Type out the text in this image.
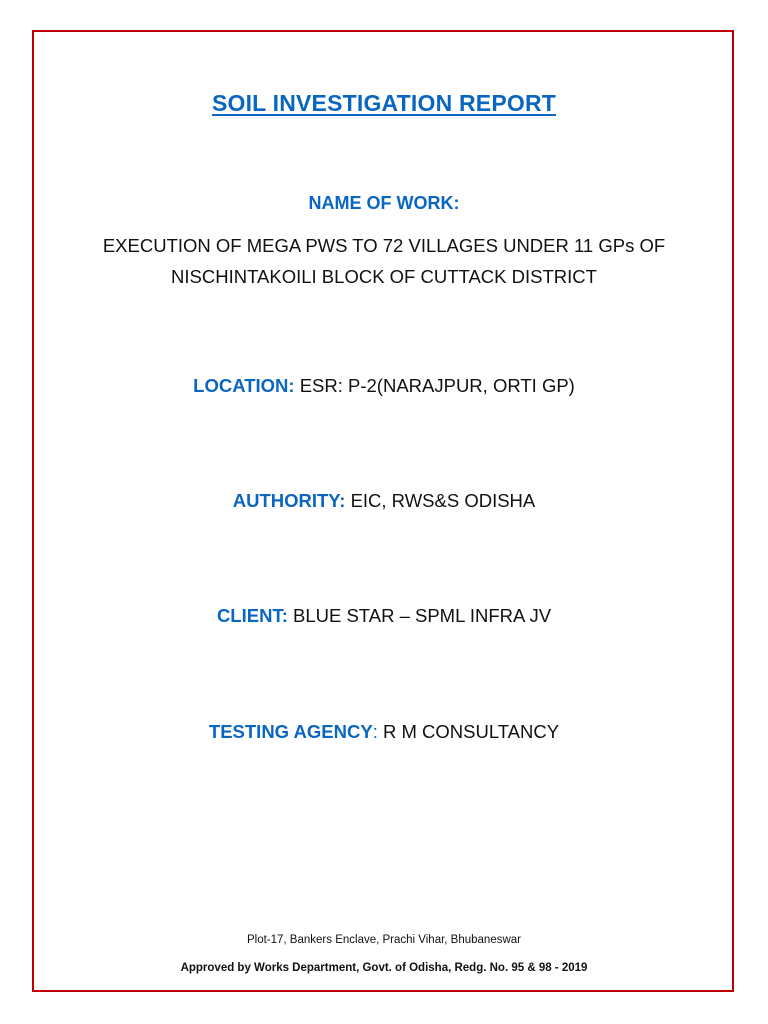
SOIL INVESTIGATION REPORT
NAME OF WORK:
EXECUTION OF MEGA PWS TO 72 VILLAGES UNDER 11 GPs OF
NISCHINTAKOILI BLOCK OF CUTTACK DISTRICT
LOCATION: ESR: P-2(NARAJPUR, ORTI GP)
AUTHORITY: EIC, RWS&S ODISHA
CLIENT: BLUE STAR – SPML INFRA JV
TESTING AGENCY: R M CONSULTANCY
Plot-17, Bankers Enclave, Prachi Vihar, Bhubaneswar
Approved by Works Department, Govt. of Odisha, Redg. No. 95 & 98 - 2019
